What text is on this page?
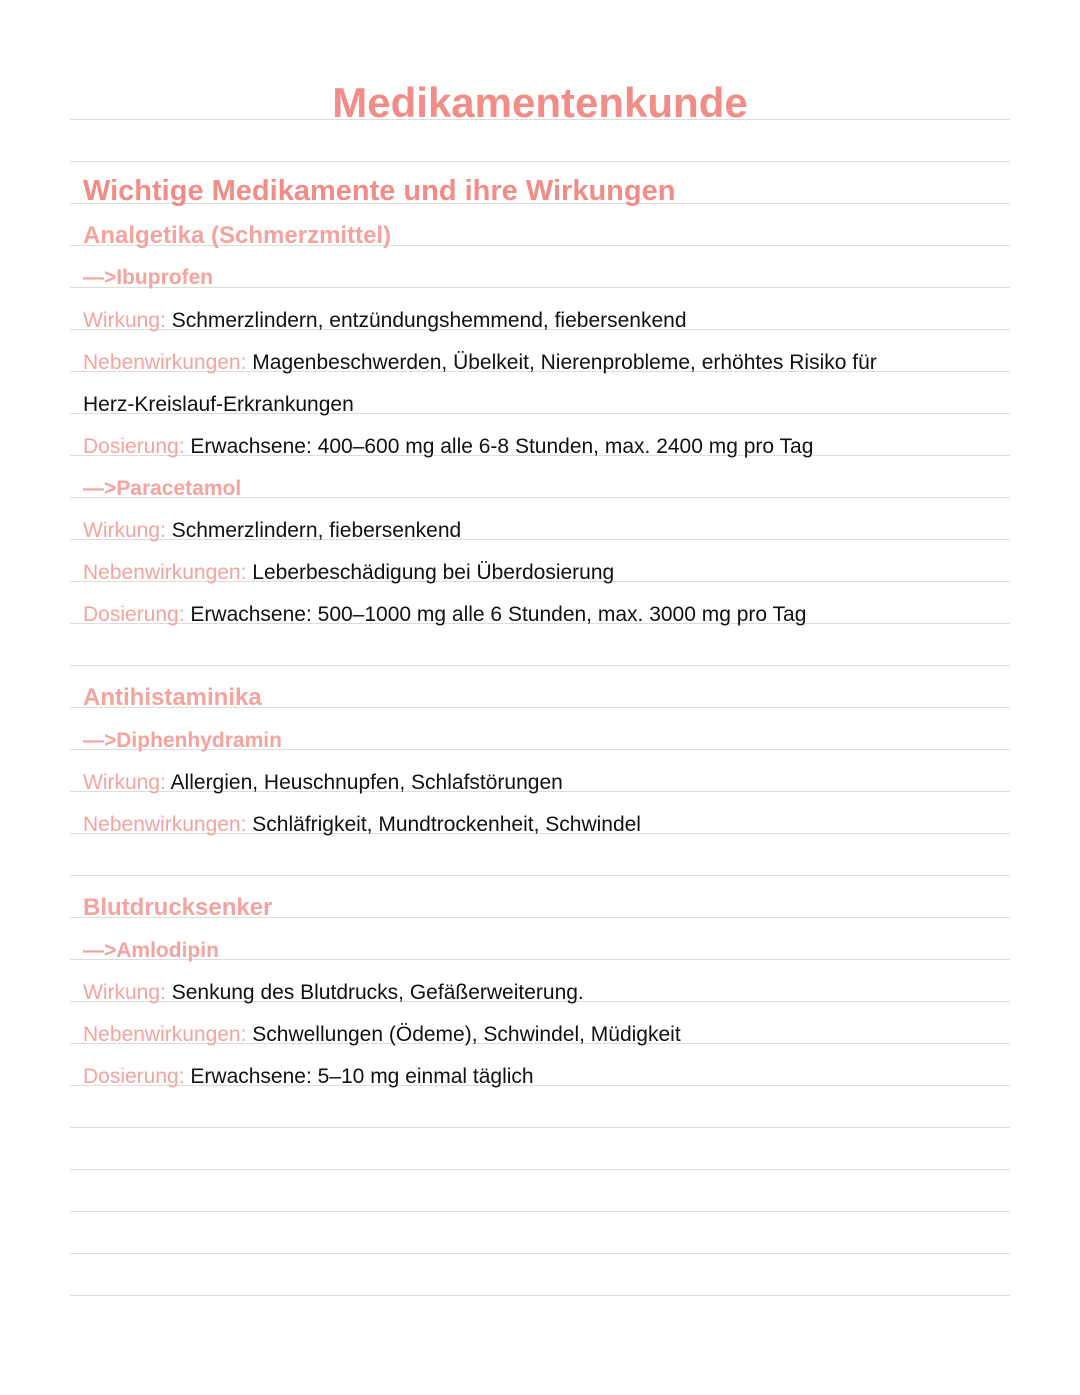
Medikamentenkunde
Wichtige Medikamente und ihre Wirkungen
Analgetika (Schmerzmittel)
—>Ibuprofen
Wirkung: Schmerzlindern, entzündungshemmend, fiebersenkend
Nebenwirkungen: Magenbeschwerden, Übelkeit, Nierenprobleme, erhöhtes Risiko für
Herz-Kreislauf-Erkrankungen
Dosierung: Erwachsene: 400–600 mg alle 6-8 Stunden, max. 2400 mg pro Tag
—>Paracetamol
Wirkung: Schmerzlindern, fiebersenkend
Nebenwirkungen: Leberbeschädigung bei Überdosierung
Dosierung: Erwachsene: 500–1000 mg alle 6 Stunden, max. 3000 mg pro Tag
Antihistaminika
—>Diphenhydramin
Wirkung: Allergien, Heuschnupfen, Schlafstörungen
Nebenwirkungen: Schläfrigkeit, Mundtrockenheit, Schwindel
Blutdrucksenker
—>Amlodipin
Wirkung: Senkung des Blutdrucks, Gefäßerweiterung.
Nebenwirkungen: Schwellungen (Ödeme), Schwindel, Müdigkeit
Dosierung: Erwachsene: 5–10 mg einmal täglich
